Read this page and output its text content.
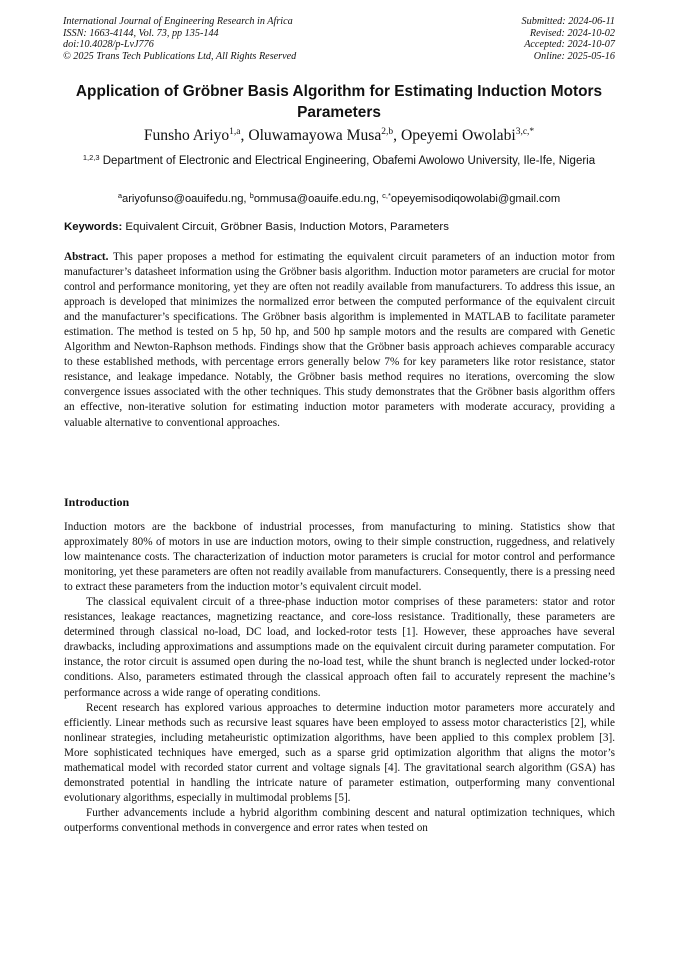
International Journal of Engineering Research in Africa
ISSN: 1663-4144, Vol. 73, pp 135-144
doi:10.4028/p-LvJ776
© 2025 Trans Tech Publications Ltd, All Rights Reserved
Submitted: 2024-06-11
Revised: 2024-10-02
Accepted: 2024-10-07
Online: 2025-05-16
Application of Gröbner Basis Algorithm for Estimating Induction Motors Parameters
Funsho Ariyo$^{1,a}$, Oluwamayowa Musa$^{2,b}$, Opeyemi Owolabi$^{3,c,*}$
$^{1,2,3}$ Department of Electronic and Electrical Engineering, Obafemi Awolowo University, Ile-Ife, Nigeria
$^a$ariyofunso@oauifedu.ng, $^b$ommusa@oauife.edu.ng, $^{c,*}$opeyemisodiqowolabi@gmail.com
Keywords: Equivalent Circuit, Gröbner Basis, Induction Motors, Parameters

Abstract. This paper proposes a method for estimating the equivalent circuit parameters of an induction motor from manufacturer’s datasheet information using the Gröbner basis algorithm. Induction motor parameters are crucial for motor control and performance monitoring, yet they are often not readily available from manufacturers. To address this issue, an approach is developed that minimizes the normalized error between the computed performance of the equivalent circuit and the manufacturer’s specifications. The Gröbner basis algorithm is implemented in MATLAB to facilitate parameter estimation. The method is tested on 5 hp, 50 hp, and 500 hp sample motors and the results are compared with Genetic Algorithm and Newton-Raphson methods. Findings show that the Gröbner basis approach achieves comparable accuracy to these established methods, with percentage errors generally below 7% for key parameters like rotor resistance, stator resistance, and leakage impedance. Notably, the Gröbner basis method requires no iterations, overcoming the slow convergence issues associated with the other techniques. This study demonstrates that the Gröbner basis algorithm offers an effective, non-iterative solution for estimating induction motor parameters with moderate accuracy, providing a valuable alternative to conventional approaches.

Introduction

Induction motors are the backbone of industrial processes, from manufacturing to mining. Statistics show that approximately 80% of motors in use are induction motors, owing to their simple construction, ruggedness, and relatively low maintenance costs. The characterization of induction motor parameters is crucial for motor control and performance monitoring, yet these parameters are often not readily available from manufacturers. Consequently, there is a pressing need to extract these parameters from the induction motor’s equivalent circuit model.

The classical equivalent circuit of a three-phase induction motor comprises of these parameters: stator and rotor resistances, leakage reactances, magnetizing reactance, and core-loss resistance. Traditionally, these parameters are determined through classical no-load, DC load, and locked-rotor tests [1]. However, these approaches have several drawbacks, including approximations and assumptions made on the equivalent circuit during parameter computation. For instance, the rotor circuit is assumed open during the no-load test, while the shunt branch is neglected under locked-rotor conditions. Also, parameters estimated through the classical approach often fail to accurately represent the machine’s performance across a wide range of operating conditions.

Recent research has explored various approaches to determine induction motor parameters more accurately and efficiently. Linear methods such as recursive least squares have been employed to assess motor characteristics [2], while nonlinear strategies, including metaheuristic optimization algorithms, have been applied to this complex problem [3]. More sophisticated techniques have emerged, such as a sparse grid optimization algorithm that aligns the motor’s mathematical model with recorded stator current and voltage signals [4]. The gravitational search algorithm (GSA) has demonstrated potential in handling the intricate nature of parameter estimation, outperforming many conventional evolutionary algorithms, especially in multimodal problems [5].

Further advancements include a hybrid algorithm combining descent and natural optimization techniques, which outperforms conventional methods in convergence and error rates when tested on
